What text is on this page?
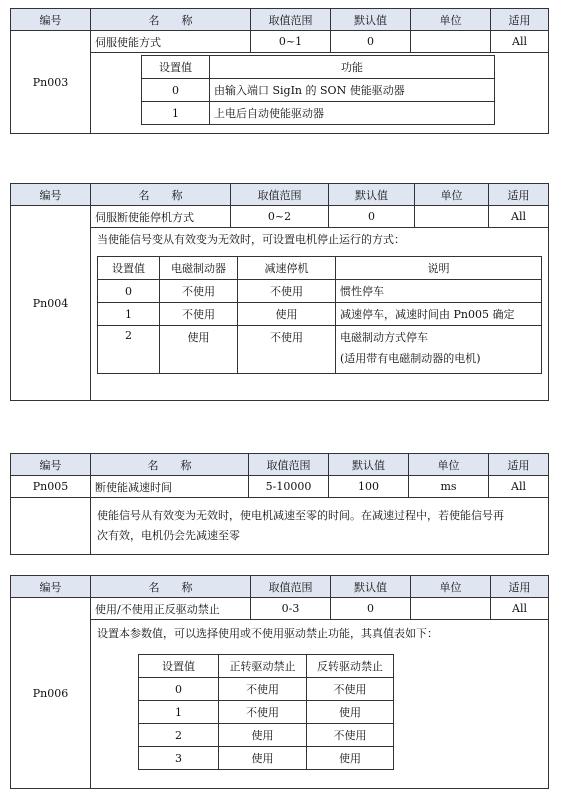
编号	名　　称	取值范围	默认值	单位	适用
Pn003	伺服使能方式	0~1	0		All

设置值	功能
0	由输入端口 SigIn 的 SON 使能驱动器
1	上电后自动使能驱动器
编号	名　　称	取值范围	默认值	单位	适用
Pn004	伺服断使能停机方式	0~2	0		All

当使能信号变从有效变为无效时，可设置电机停止运行的方式：
设置值	电磁制动器	减速停机	说明
0	不使用	不使用	惯性停车
1	不使用	使用	减速停车，减速时间由 Pn005 确定
2	使用	不使用	电磁制动方式停车
(适用带有电磁制动器的电机)
编号	名　　称	取值范围	默认值	单位	适用
Pn005	断使能减速时间	5-10000	100	ms	All

	使能信号从有效变为无效时，使电机减速至零的时间。在减速过程中，若使能信号再
次有效，电机仍会先减速至零				
编号	名　　称	取值范围	默认值	单位	适用
Pn006	使用/不使用正反驱动禁止	0-3	0		All

设置本参数值，可以选择使用或不使用驱动禁止功能，其真值表如下：
设置值	正转驱动禁止	反转驱动禁止
0	不使用	不使用
1	不使用	使用
2	使用	不使用
3	使用	使用
